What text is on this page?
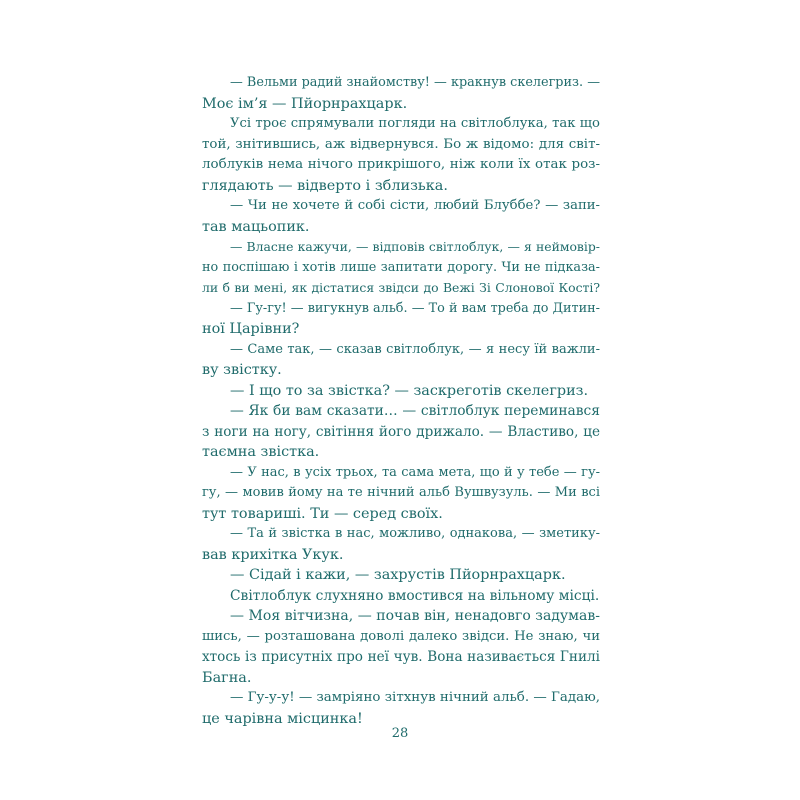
— Вельми радий знайомству! — кракнув скелегриз. —
Моє ім’я — Пйорнрахцарк.
Усі троє спрямували погляди на світлоблука, так що
той, знітившись, аж відвернувся. Бо ж відомо: для світ-
лоблуків нема нічого прикрішого, ніж коли їх отак роз-
глядають — відверто і зблизька.
— Чи не хочете й собі сісти, любий Блуббе? — запи-
тав мацьопик.
— Власне кажучи, — відповів світлоблук, — я неймовір-
но поспішаю і хотів лише запитати дорогу. Чи не підказа-
ли б ви мені, як дістатися звідси до Вежі Зі Слонової Кості?
— Гу-гу! — вигукнув альб. — То й вам треба до Дитин-
ної Царівни?
— Саме так, — сказав світлоблук, — я несу їй важли-
ву звістку.
— І що то за звістка? — заскреготів скелегриз.
— Як би вам сказати… — світлоблук переминався
з ноги на ногу, світіння його дрижало. — Властиво, це
таємна звістка.
— У нас, в усіх трьох, та сама мета, що й у тебе — гу-
гу, — мовив йому на те нічний альб Вушвузуль. — Ми всі
тут товариші. Ти — серед своїх.
— Та й звістка в нас, можливо, однакова, — зметику-
вав крихітка Укук.
— Сідай і кажи, — захрустів Пйорнрахцарк.
Світлоблук слухняно вмостився на вільному місці.
— Моя вітчизна, — почав він, ненадовго задумав-
шись, — розташована доволі далеко звідси. Не знаю, чи
хтось із присутніх про неї чув. Вона називається Гнилі
Багна.
— Гу-у-у! — замріяно зітхнув нічний альб. — Гадаю,
це чарівна місцинка!
28
